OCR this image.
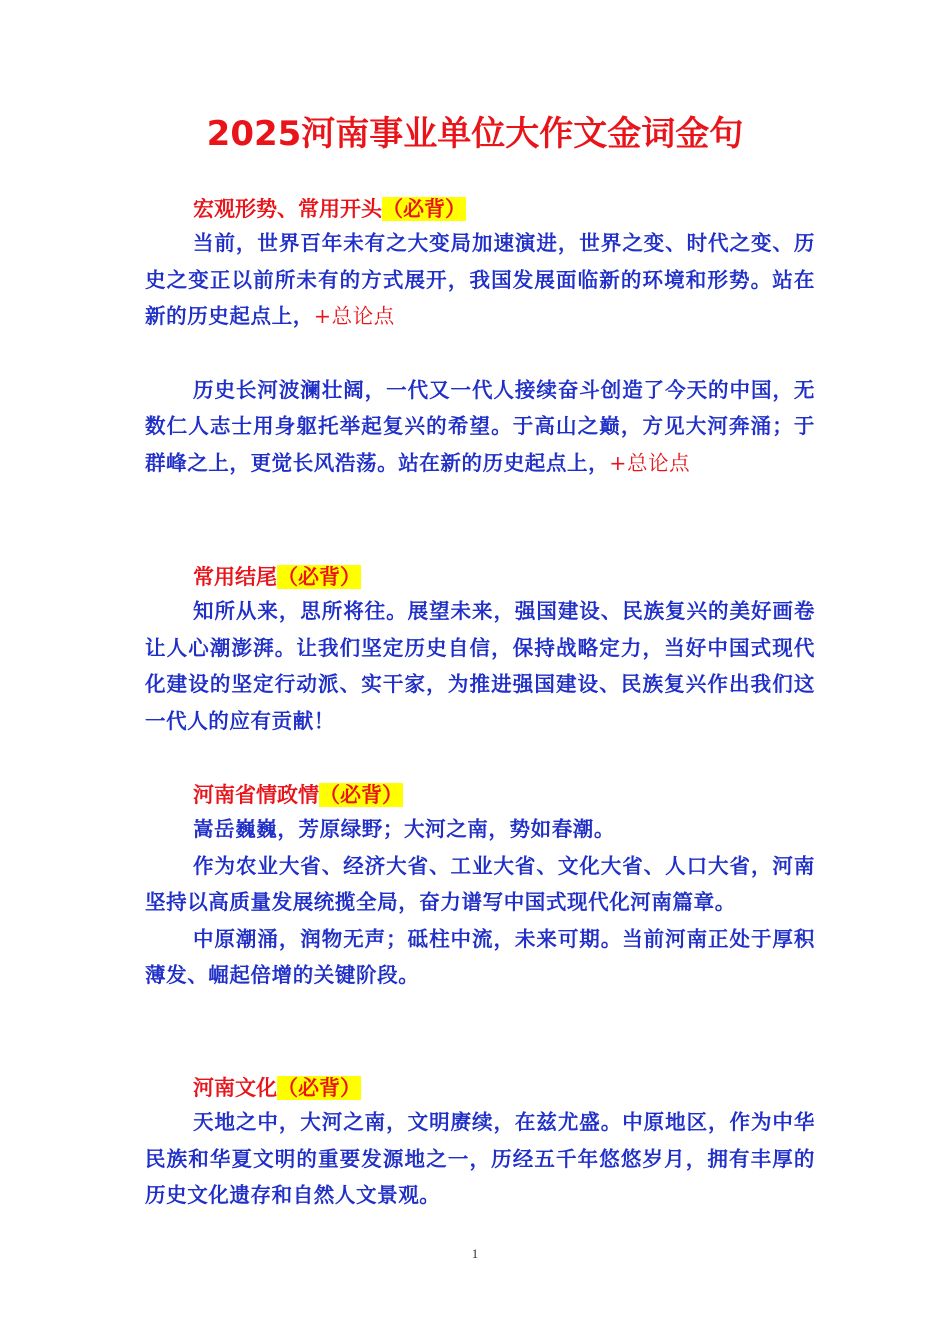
2025河南事业单位大作文金词金句

宏观形势、常用开头（必背）

当前，世界百年未有之大变局加速演进，世界之变、时代之变、历史之变正以前所未有的方式展开，我国发展面临新的环境和形势。站在新的历史起点上，+总论点

历史长河波澜壮阔，一代又一代人接续奋斗创造了今天的中国，无数仁人志士用身躯托举起复兴的希望。于高山之巅，方见大河奔涌；于群峰之上，更觉长风浩荡。站在新的历史起点上，+总论点

常用结尾（必背）

知所从来，思所将往。展望未来，强国建设、民族复兴的美好画卷让人心潮澎湃。让我们坚定历史自信，保持战略定力，当好中国式现代化建设的坚定行动派、实干家，为推进强国建设、民族复兴作出我们这一代人的应有贡献！

河南省情政情（必背）

嵩岳巍巍，芳原绿野；大河之南，势如春潮。

作为农业大省、经济大省、工业大省、文化大省、人口大省，河南坚持以高质量发展统揽全局，奋力谱写中国式现代化河南篇章。

中原潮涌，润物无声；砥柱中流，未来可期。当前河南正处于厚积薄发、崛起倍增的关键阶段。

河南文化（必背）

天地之中，大河之南，文明赓续，在兹尤盛。中原地区，作为中华民族和华夏文明的重要发源地之一，历经五千年悠悠岁月，拥有丰厚的历史文化遗存和自然人文景观。

1
